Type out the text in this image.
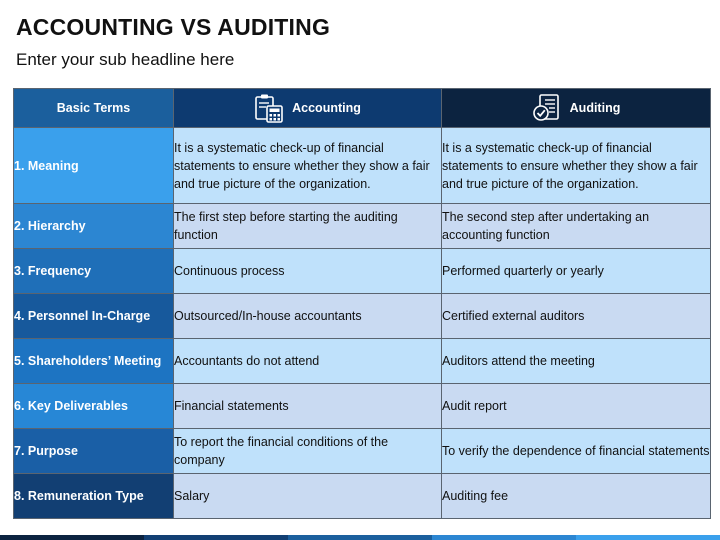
ACCOUNTING VS AUDITING
Enter your sub headline here
Basic Terms	Accounting	Auditing

1. Meaning	It is a systematic check-up of financial statements to ensure whether they show a fair and true picture of the organization.	It is a systematic check-up of financial statements to ensure whether they show a fair and true picture of the organization.
2. Hierarchy	The first step before starting the auditing function	The second step after undertaking an accounting function
3. Frequency	Continuous process	Performed quarterly or yearly
4. Personnel In-Charge	Outsourced/In-house accountants	Certified external auditors
5. Shareholders’ Meeting	Accountants do not attend	Auditors attend the meeting
6. Key Deliverables	Financial statements	Audit report
7. Purpose	To report the financial conditions of the company	To verify the dependence of financial statements
8. Remuneration Type	Salary	Auditing fee
